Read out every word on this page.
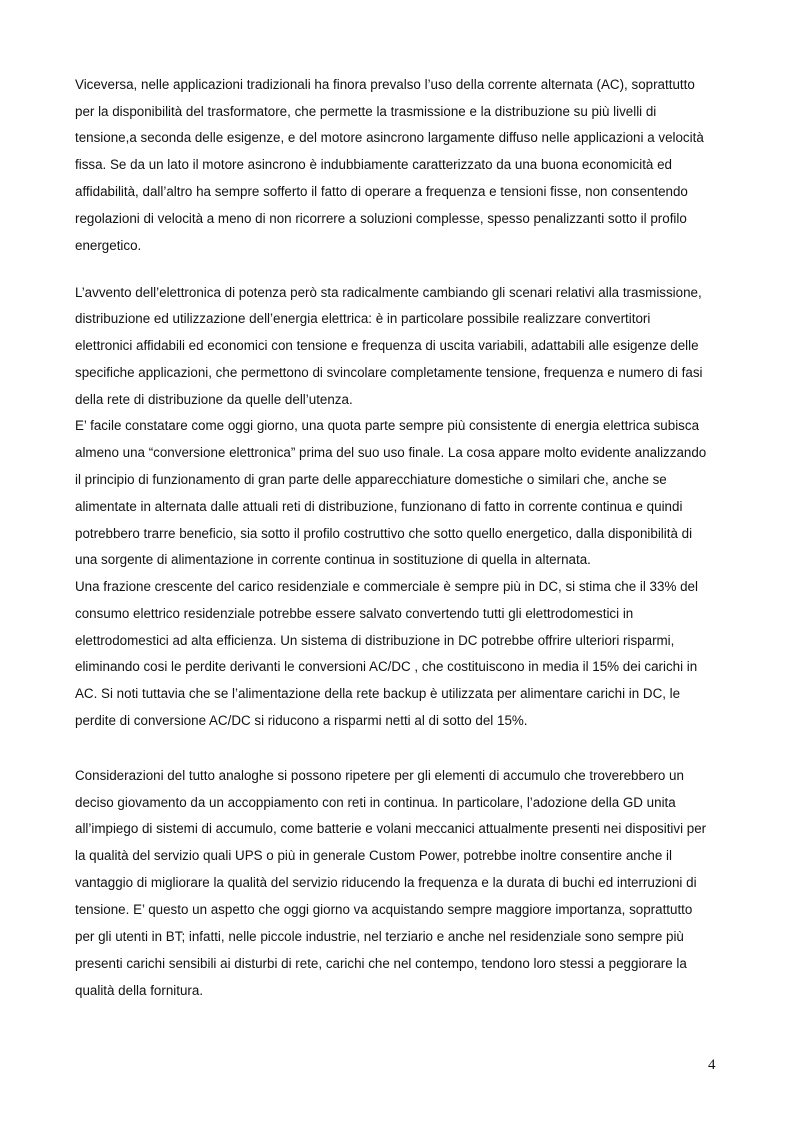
Viceversa, nelle applicazioni tradizionali ha finora prevalso l’uso della corrente alternata (AC), soprattutto
per la disponibilità del trasformatore, che permette la trasmissione e la distribuzione su più livelli di
tensione,a seconda delle esigenze, e del motore asincrono largamente diffuso nelle applicazioni a velocità
fissa. Se da un lato il motore asincrono è indubbiamente caratterizzato da una buona economicità ed
affidabilità, dall’altro ha sempre sofferto il fatto di operare a frequenza e tensioni fisse, non consentendo
regolazioni di velocità a meno di non ricorrere a soluzioni complesse, spesso penalizzanti sotto il profilo
energetico.
L’avvento dell’elettronica di potenza però sta radicalmente cambiando gli scenari relativi alla trasmissione,
distribuzione ed utilizzazione dell’energia elettrica: è in particolare possibile realizzare convertitori
elettronici affidabili ed economici con tensione e frequenza di uscita variabili, adattabili alle esigenze delle
specifiche applicazioni, che permettono di svincolare completamente tensione, frequenza e numero di fasi
della rete di distribuzione da quelle dell’utenza.
E’ facile constatare come oggi giorno, una quota parte sempre più consistente di energia elettrica subisca
almeno una “conversione elettronica” prima del suo uso finale. La cosa appare molto evidente analizzando
il principio di funzionamento di gran parte delle apparecchiature domestiche o similari che, anche se
alimentate in alternata dalle attuali reti di distribuzione, funzionano di fatto in corrente continua e quindi
potrebbero trarre beneficio, sia sotto il profilo costruttivo che sotto quello energetico, dalla disponibilità di
una sorgente di alimentazione in corrente continua in sostituzione di quella in alternata.
Una frazione crescente del carico residenziale e commerciale è sempre più in DC, si stima che il 33% del
consumo elettrico residenziale potrebbe essere salvato convertendo tutti gli elettrodomestici in
elettrodomestici ad alta efficienza. Un sistema di distribuzione in DC potrebbe offrire ulteriori risparmi,
eliminando cosi le perdite derivanti le conversioni AC/DC , che costituiscono in media il 15% dei carichi in
AC. Si noti tuttavia che se l’alimentazione della rete backup è utilizzata per alimentare carichi in DC, le
perdite di conversione AC/DC si riducono a risparmi netti al di sotto del 15%.
Considerazioni del tutto analoghe si possono ripetere per gli elementi di accumulo che troverebbero un
deciso giovamento da un accoppiamento con reti in continua. In particolare, l’adozione della GD unita
all’impiego di sistemi di accumulo, come batterie e volani meccanici attualmente presenti nei dispositivi per
la qualità del servizio quali UPS o più in generale Custom Power, potrebbe inoltre consentire anche il
vantaggio di migliorare la qualità del servizio riducendo la frequenza e la durata di buchi ed interruzioni di
tensione. E’ questo un aspetto che oggi giorno va acquistando sempre maggiore importanza, soprattutto
per gli utenti in BT; infatti, nelle piccole industrie, nel terziario e anche nel residenziale sono sempre più
presenti carichi sensibili ai disturbi di rete, carichi che nel contempo, tendono loro stessi a peggiorare la
qualità della fornitura.
4
